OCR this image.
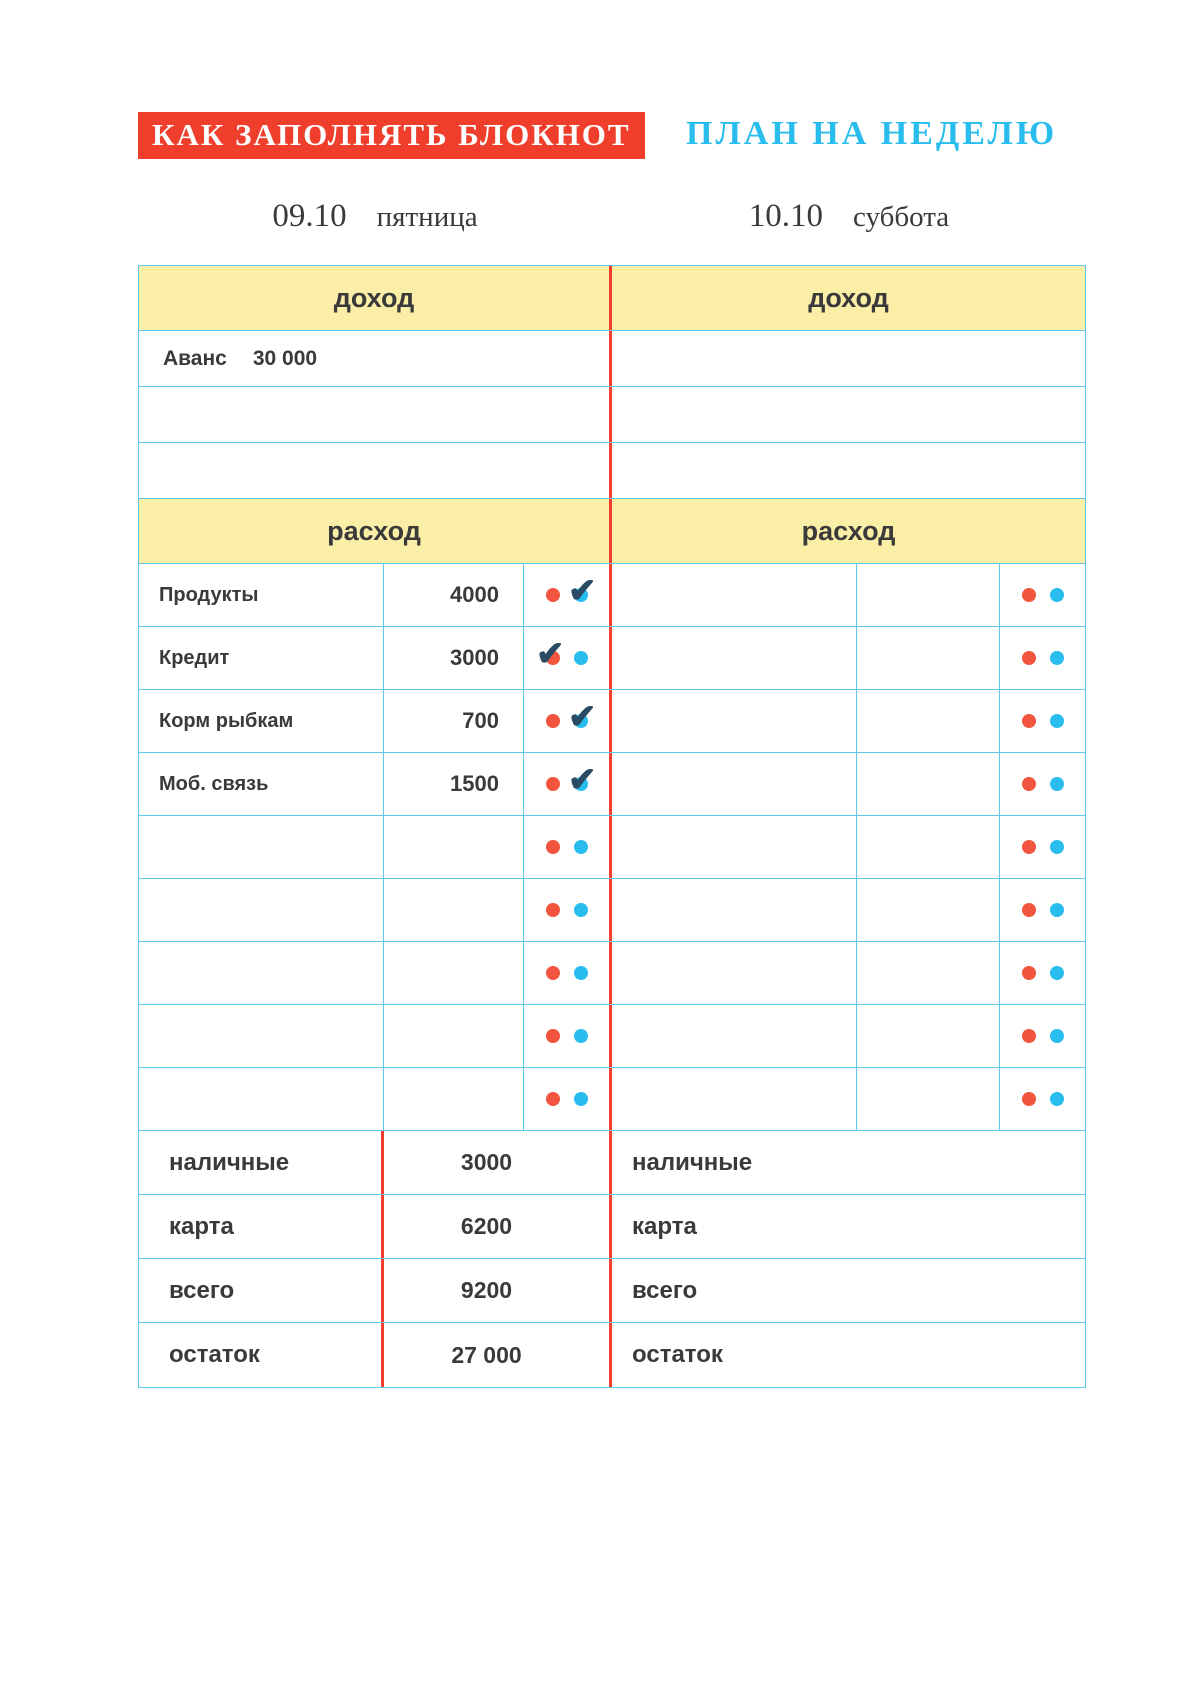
КАК ЗАПОЛНЯТЬ БЛОКНОТ	ПЛАН НА НЕДЕЛЮ
09.10 пятница	10.10 суббота
доход	доход
Аванс 30 000
расход	расход
Продукты	4000	✔
Кредит	3000	✔
Корм рыбкам	700	✔
Моб. связь	1500	✔
наличные	3000	наличные
карта	6200	карта
всего	9200	всего
остаток	27 000	остаток
